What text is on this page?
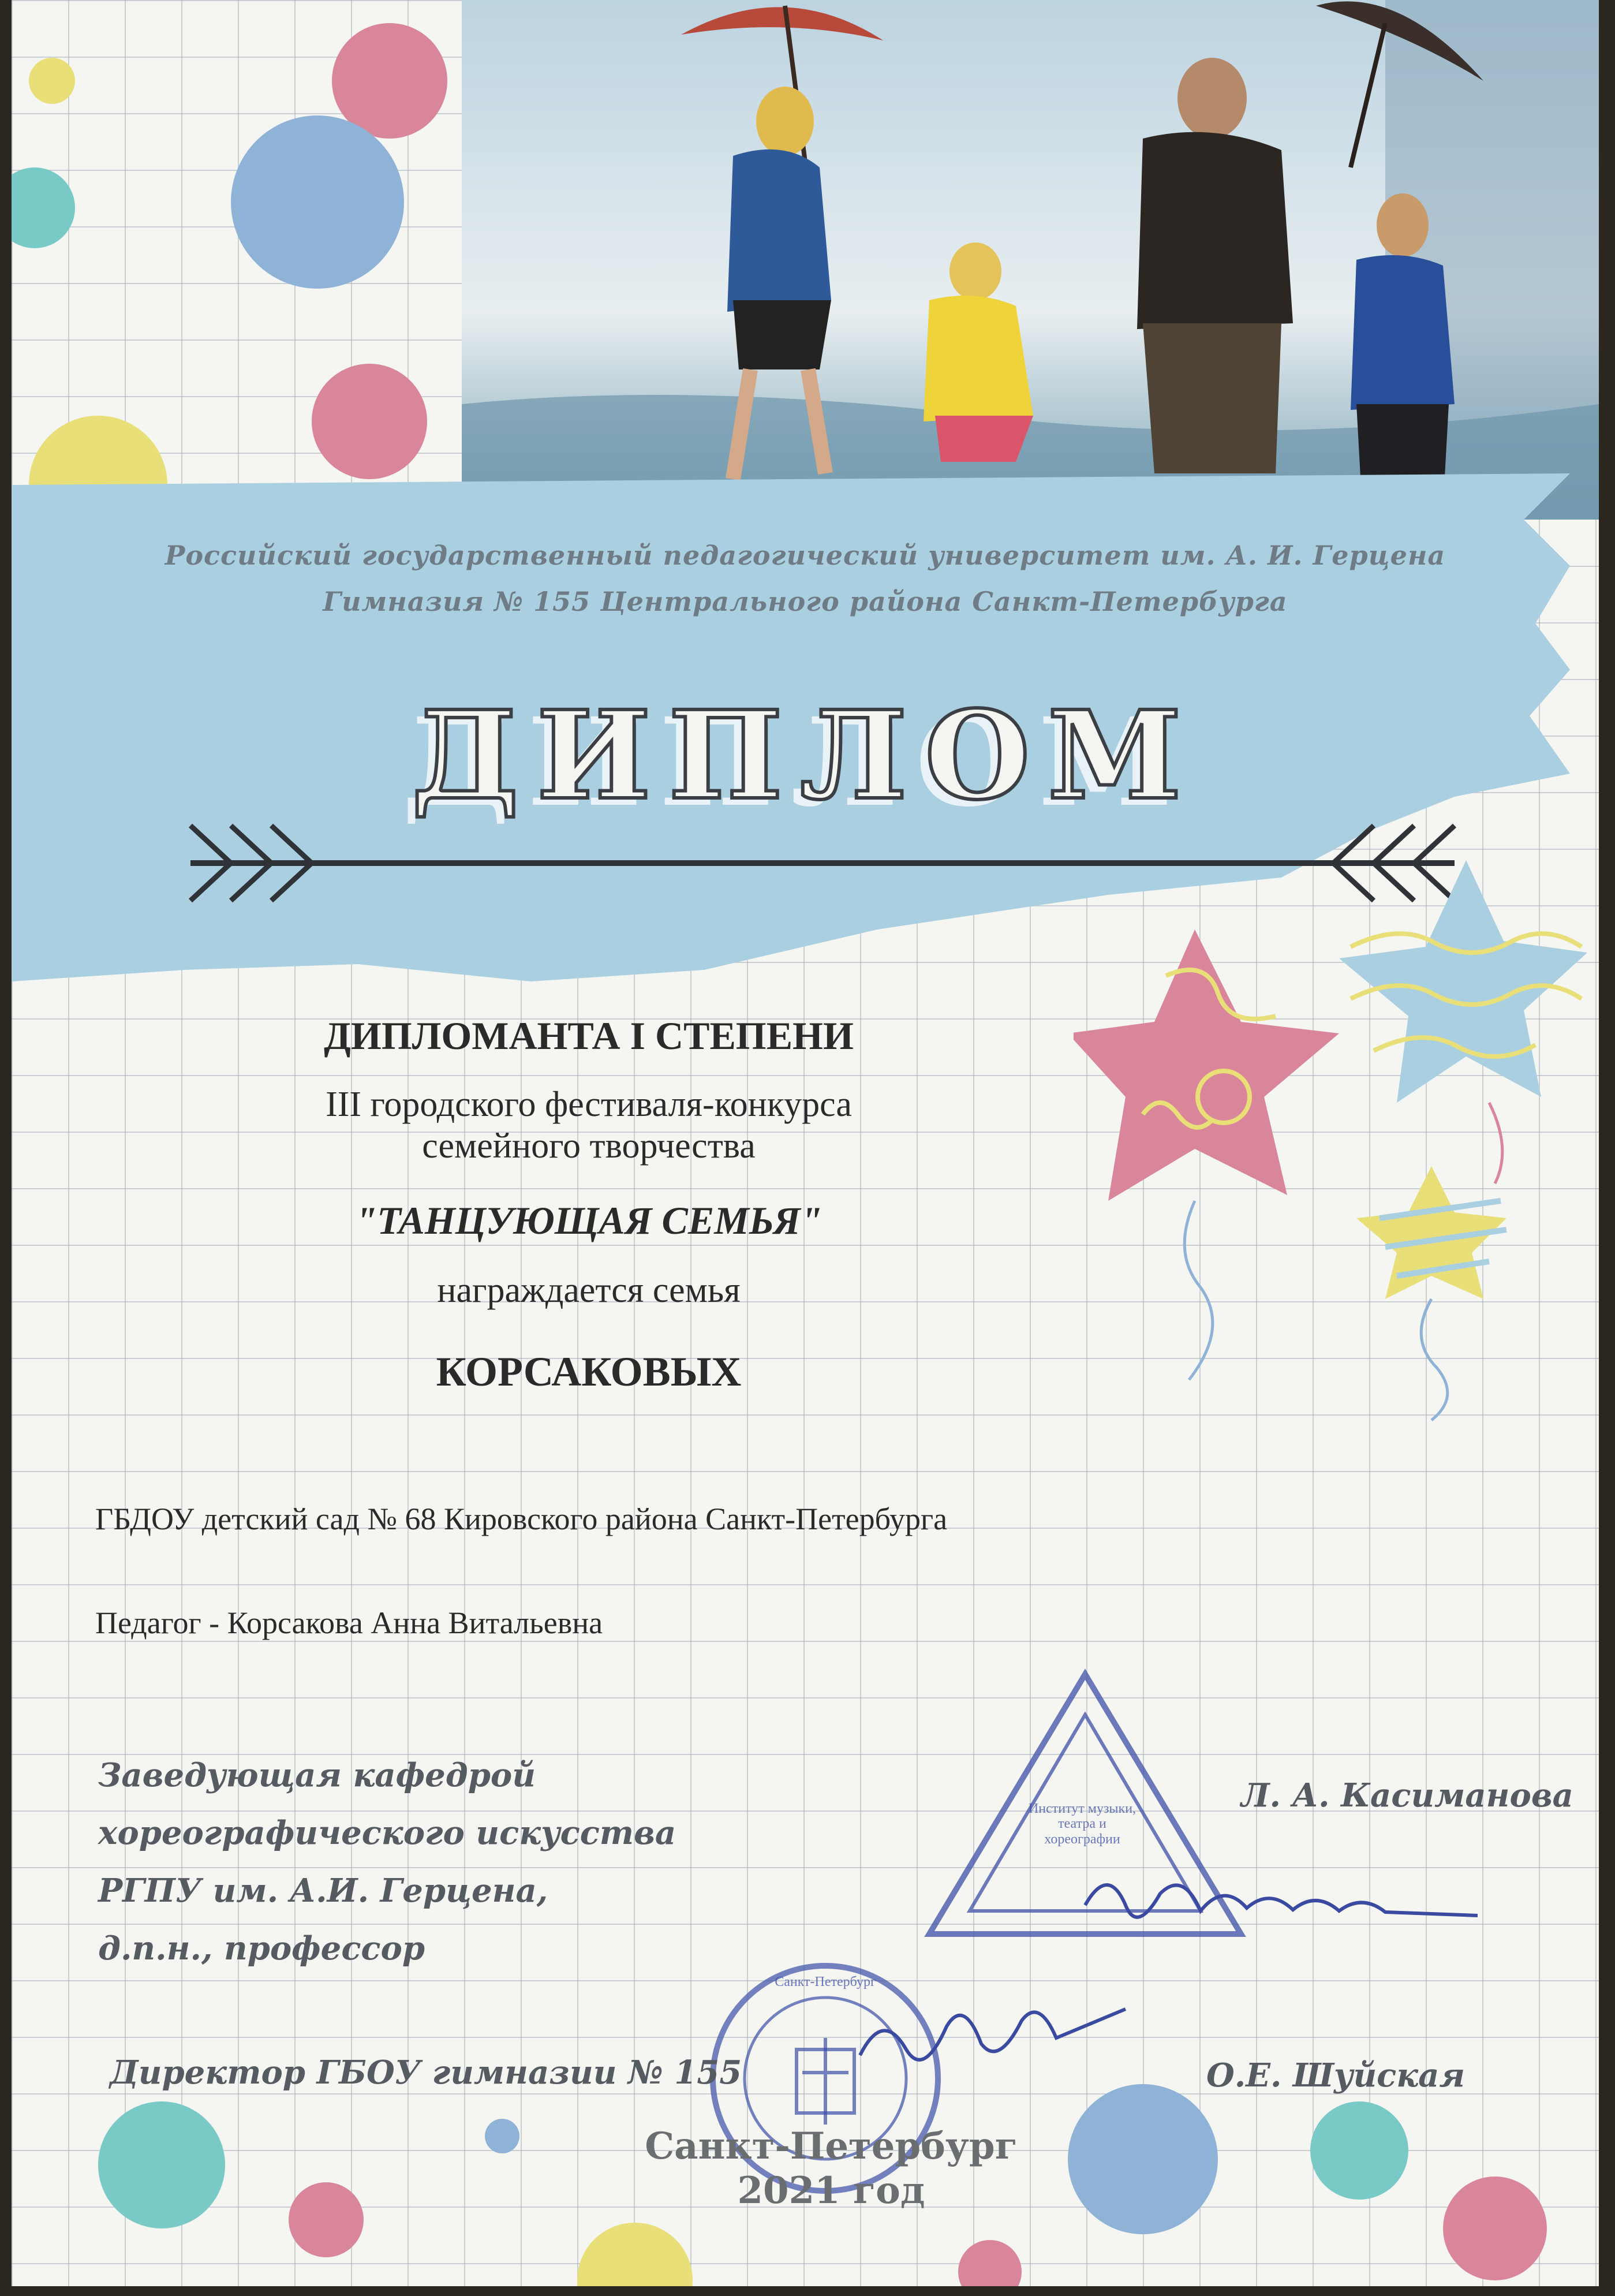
Российский государственный педагогический университет им. А. И. Герцена
Гимназия № 155 Центрального района Санкт-Петербурга
ДИПЛОМ
ДИПЛОМАНТА I СТЕПЕНИ
III городского фестиваля-конкурса
семейного творчества
"ТАНЦУЮЩАЯ СЕМЬЯ"
награждается семья
КОРСАКОВЫХ
ГБДОУ детский сад № 68 Кировского района Санкт-Петербурга
Педагог - Корсакова Анна Витальевна
Институт музыки, театра и хореографии
Заведующая кафедрой
хореографического искусства
РГПУ им. А.И. Герцена,
д.п.н., профессор
Л. А. Касиманова
Санкт-Петербург
Директор ГБОУ гимназии № 155	О.Е. Шуйская
Санкт-Петербург
2021 год
